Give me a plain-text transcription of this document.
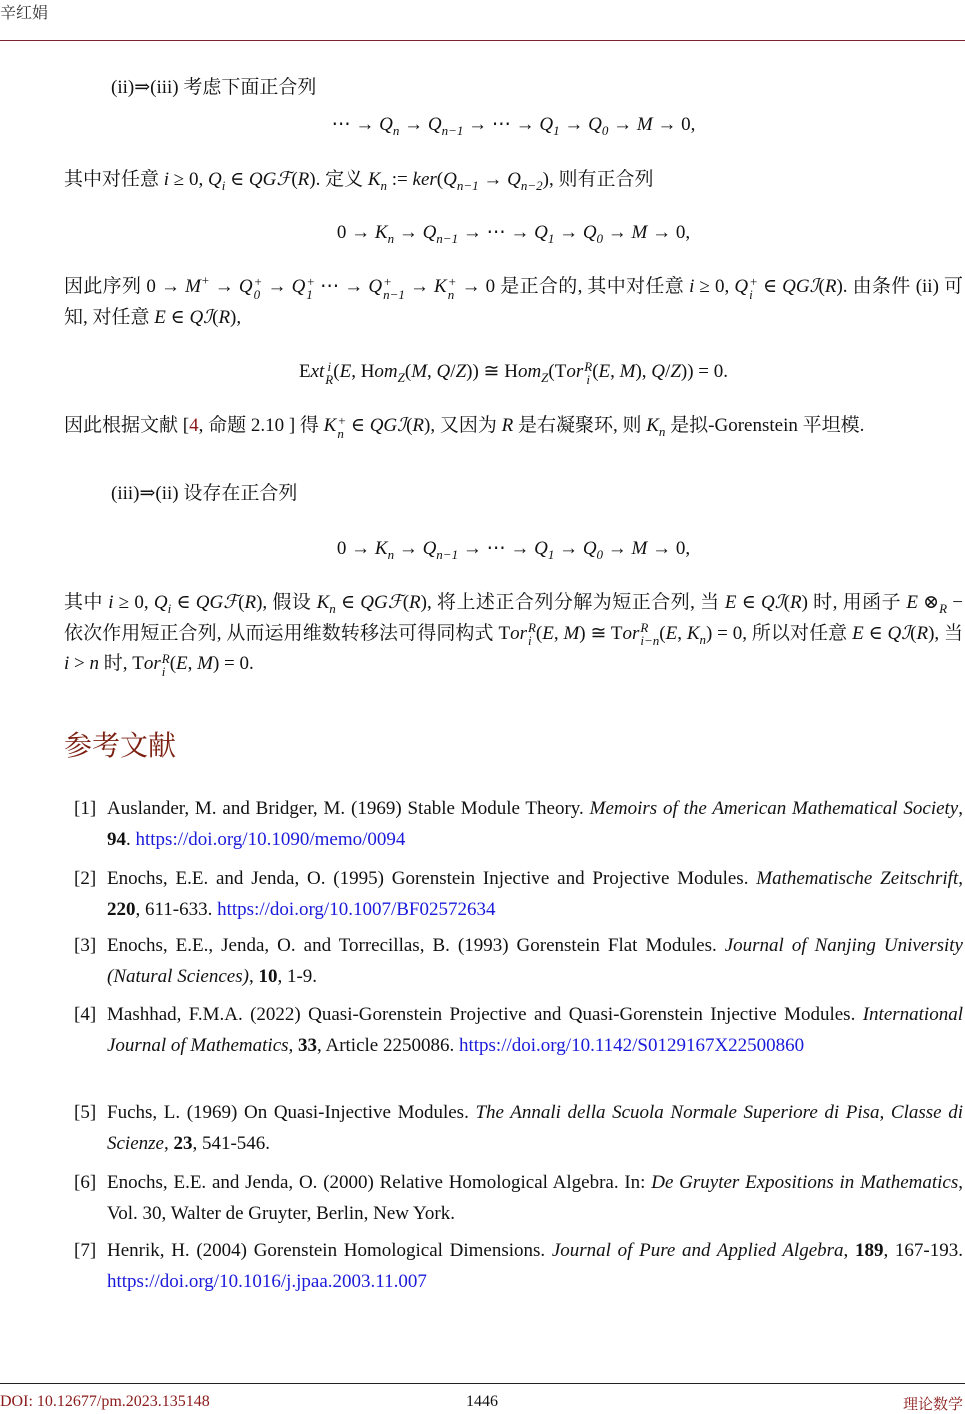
辛红娟
(ii)⇒(iii) 考虑下面正合列
⋯ → $Q_n \to Q_{n-1}$ → ⋯ → $Q_1 \to Q_0 \to M \to 0$,
其中对任意 i ≥ 0, $Q_i$ ∈ QGℱ(R). 定义 $K_n$ := $ker(Q_{n-1} \to Q_{n-2})$, 则有正合列
$0 \to K_n \to Q_{n-1}$ → ⋯ → $Q_1 \to Q_0 \to M \to 0$,
因此序列 0 → M+ → Q +
0 → Q +
1 ⋯ → Q +
n−1 → K +
n → 0 是正合的, 其中对任意 i ≥ 0, Q +
i ∈ QGℐ(R). 由条件 (ii) 可知, 对任意 E ∈ Qℐ(R),
Ext i
R (E, Hom$_Z$(M, Q/Z)) ≅ Hom$_Z$(Tor R
i (E, M), Q/Z)) = 0.
因此根据文献 [4, 命题 2.10 ] 得 K +
n ∈ QGℐ(R), 又因为 R 是右凝聚环, 则 $K_n$ 是拟-Gorenstein 平坦模.
(iii)⇒(ii) 设存在正合列
$0 \to K_n \to Q_{n-1}$ → ⋯ → $Q_1 \to Q_0 \to M \to 0$,
其中 i ≥ 0, $Q_i$ ∈ QGℱ(R), 假设 $K_n$ ∈ QGℱ(R), 将上述正合列分解为短正合列, 当 E ∈ Qℐ(R) 时, 用函子 E $\otimes_R$ − 依次作用短正合列, 从而运用维数转移法可得同构式 Tor R
i (E, M) ≅ Tor R
i−n (E, $K_n) = 0$, 所以对任意 E ∈ Qℐ(R), 当 i > n 时, Tor R
i (E, M) = 0.
参考文献
[1] Auslander, M. and Bridger, M. (1969) Stable Module Theory. Memoirs of the American Mathematical Society, 94. https://doi.org/10.1090/memo/0094
[2] Enochs, E.E. and Jenda, O. (1995) Gorenstein Injective and Projective Modules. Mathematische Zeitschrift, 220, 611-633. https://doi.org/10.1007/BF02572634
[3] Enochs, E.E., Jenda, O. and Torrecillas, B. (1993) Gorenstein Flat Modules. Journal of Nanjing University (Natural Sciences), 10, 1-9.
[4] Mashhad, F.M.A. (2022) Quasi-Gorenstein Projective and Quasi-Gorenstein Injective Modules. International Journal of Mathematics, 33, Article 2250086. https://doi.org/10.1142/S0129167X22500860
[5] Fuchs, L. (1969) On Quasi-Injective Modules. The Annali della Scuola Normale Superiore di Pisa, Classe di Scienze, 23, 541-546.
[6] Enochs, E.E. and Jenda, O. (2000) Relative Homological Algebra. In: De Gruyter Expositions in Mathematics, Vol. 30, Walter de Gruyter, Berlin, New York.
[7] Henrik, H. (2004) Gorenstein Homological Dimensions. Journal of Pure and Applied Algebra, 189, 167-193. https://doi.org/10.1016/j.jpaa.2003.11.007
DOI: 10.12677/pm.2023.135148	1446	理论数学
